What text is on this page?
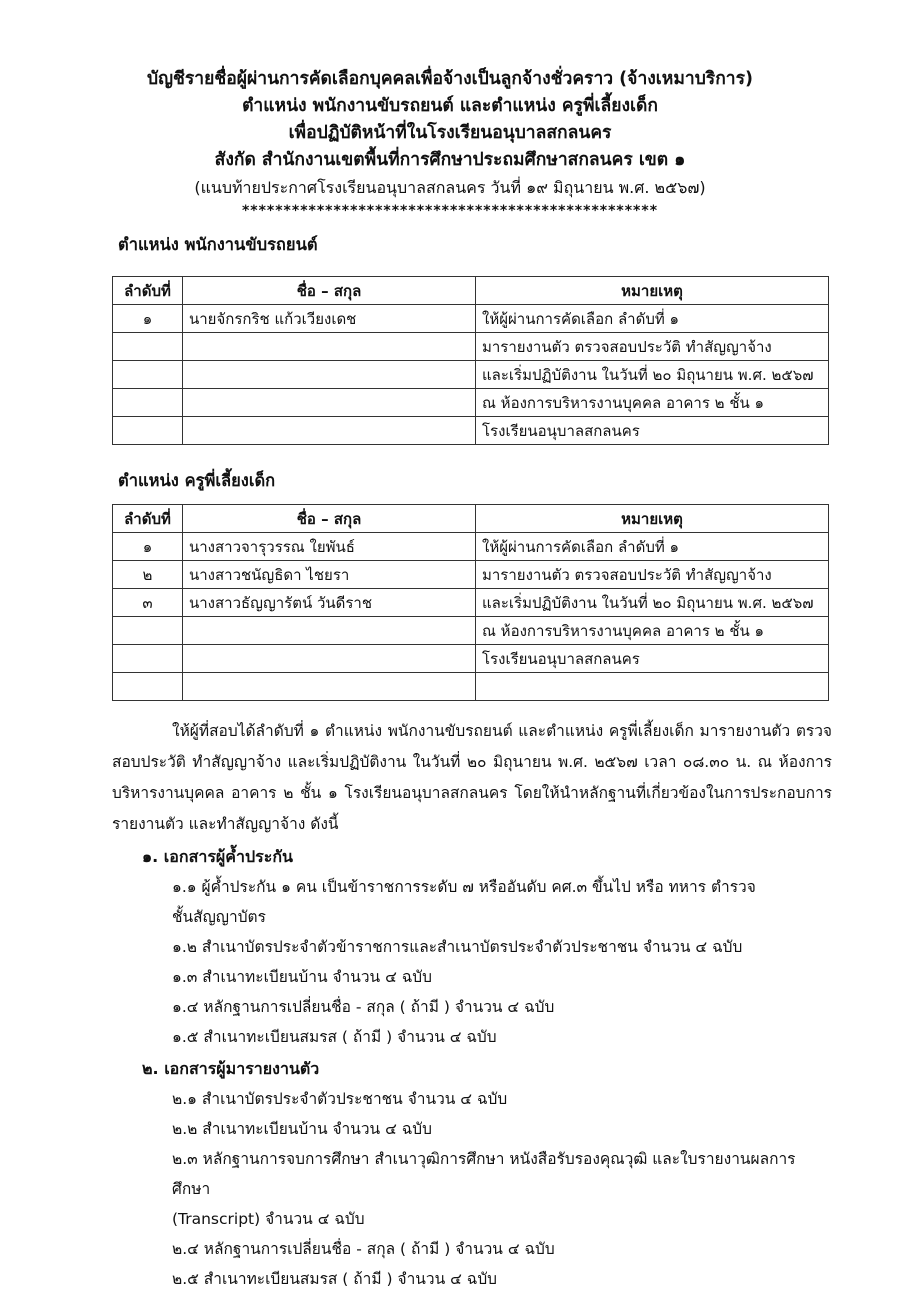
บัญชีรายชื่อผู้ผ่านการคัดเลือกบุคคลเพื่อจ้างเป็นลูกจ้างชั่วคราว (จ้างเหมาบริการ)
ตำแหน่ง พนักงานขับรถยนต์ และตำแหน่ง ครูพี่เลี้ยงเด็ก
เพื่อปฏิบัติหน้าที่ในโรงเรียนอนุบาลสกลนคร
สังกัด สำนักงานเขตพื้นที่การศึกษาประถมศึกษาสกลนคร เขต ๑
(แนบท้ายประกาศโรงเรียนอนุบาลสกลนคร วันที่ ๑๙ มิถุนายน พ.ศ. ๒๕๖๗)
**************************************************
ตำแหน่ง พนักงานขับรถยนต์
ลำดับที่	ชื่อ – สกุล	หมายเหตุ
๑	นายจักรกริช แก้วเวียงเดช	ให้ผู้ผ่านการคัดเลือก ลำดับที่ ๑
		มารายงานตัว ตรวจสอบประวัติ ทำสัญญาจ้าง
		และเริ่มปฏิบัติงาน ในวันที่ ๒๐ มิถุนายน พ.ศ. ๒๕๖๗
		ณ ห้องการบริหารงานบุคคล อาคาร ๒ ชั้น ๑
		โรงเรียนอนุบาลสกลนคร
ตำแหน่ง ครูพี่เลี้ยงเด็ก
ลำดับที่	ชื่อ – สกุล	หมายเหตุ
๑	นางสาวจารุวรรณ ใยพันธ์	ให้ผู้ผ่านการคัดเลือก ลำดับที่ ๑
๒	นางสาวชนัญธิดา ไชยรา	มารายงานตัว ตรวจสอบประวัติ ทำสัญญาจ้าง
๓	นางสาวธัญญารัตน์ วันดีราช	และเริ่มปฏิบัติงาน ในวันที่ ๒๐ มิถุนายน พ.ศ. ๒๕๖๗
		ณ ห้องการบริหารงานบุคคล อาคาร ๒ ชั้น ๑
		โรงเรียนอนุบาลสกลนคร

ให้ผู้ที่สอบได้ลำดับที่ ๑ ตำแหน่ง พนักงานขับรถยนต์ และตำแหน่ง ครูพี่เลี้ยงเด็ก มารายงานตัว ตรวจสอบประวัติ ทำสัญญาจ้าง และเริ่มปฏิบัติงาน ในวันที่ ๒๐ มิถุนายน พ.ศ. ๒๕๖๗ เวลา ๐๘.๓๐ น. ณ ห้องการบริหารงานบุคคล อาคาร ๒ ชั้น ๑ โรงเรียนอนุบาลสกลนคร โดยให้นำหลักฐานที่เกี่ยวข้องในการประกอบการรายงานตัว และทำสัญญาจ้าง ดังนี้
๑. เอกสารผู้ค้ำประกัน
๑.๑ ผู้ค้ำประกัน ๑ คน เป็นข้าราชการระดับ ๗ หรืออันดับ คศ.๓ ขึ้นไป หรือ ทหาร ตำรวจ
ชั้นสัญญาบัตร
๑.๒ สำเนาบัตรประจำตัวข้าราชการและสำเนาบัตรประจำตัวประชาชน จำนวน ๔ ฉบับ
๑.๓ สำเนาทะเบียนบ้าน จำนวน ๔ ฉบับ
๑.๔ หลักฐานการเปลี่ยนชื่อ - สกุล ( ถ้ามี ) จำนวน ๔ ฉบับ
๑.๕ สำเนาทะเบียนสมรส ( ถ้ามี ) จำนวน ๔ ฉบับ
๒. เอกสารผู้มารายงานตัว
๒.๑ สำเนาบัตรประจำตัวประชาชน จำนวน ๔ ฉบับ
๒.๒ สำเนาทะเบียนบ้าน จำนวน ๔ ฉบับ
๒.๓ หลักฐานการจบการศึกษา สำเนาวุฒิการศึกษา หนังสือรับรองคุณวุฒิ และใบรายงานผลการศึกษา
(Transcript) จำนวน ๔ ฉบับ
๒.๔ หลักฐานการเปลี่ยนชื่อ - สกุล ( ถ้ามี ) จำนวน ๔ ฉบับ
๒.๕ สำเนาทะเบียนสมรส ( ถ้ามี ) จำนวน ๔ ฉบับ
